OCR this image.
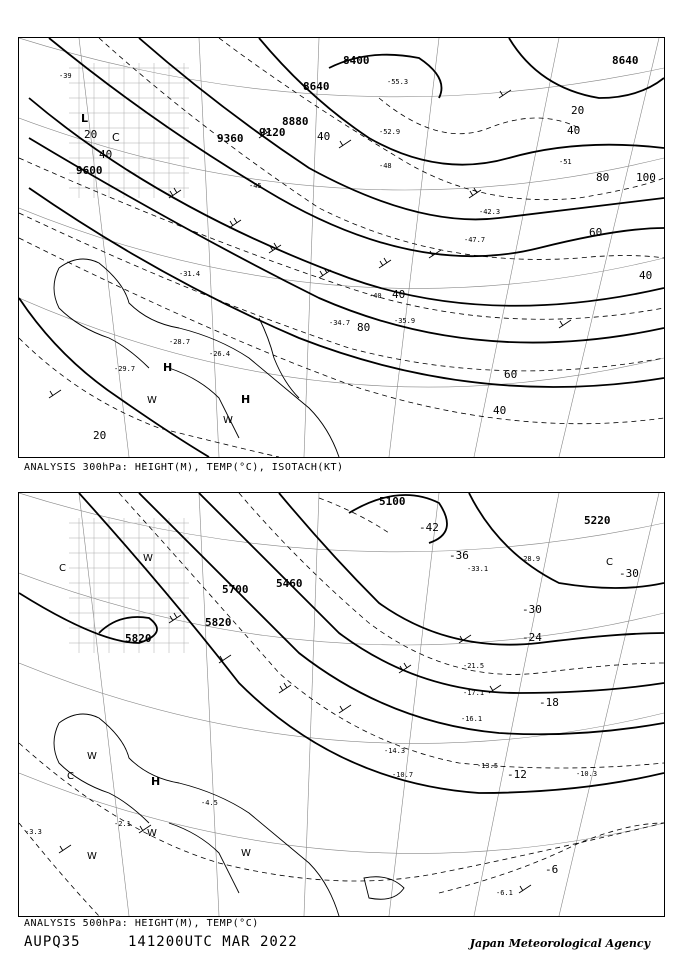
8400	8640
8640
8880
9120
9360
9600
20
40
40
60
80 100
40
20
40
40
80
60
40
20
-39
-42.3
-45
-48	-51
-52.9
-55.3
-47.7
-40
-35.9
-34.7
-31.4
-29.7
-28.7
-26.4
L
C
H
H
W
W
ANALYSIS 300hPa: HEIGHT(M), TEMP(°C), ISOTACH(KT)
5100
5220
5460
5700
5820
5820
-42
-36
-30
-30
-24
-18
-12
-6
-33.1
-28.9
-21.5
-17.1
-16.1
-14.3
-13.5
-10.7	-10.3
-6.1
-4.5
-2.1
-3.3
C
C
C	H
W
W
W
W	W
ANALYSIS 500hPa: HEIGHT(M), TEMP(°C)
AUPQ35	141200UTC MAR 2022	Japan Meteorological Agency
